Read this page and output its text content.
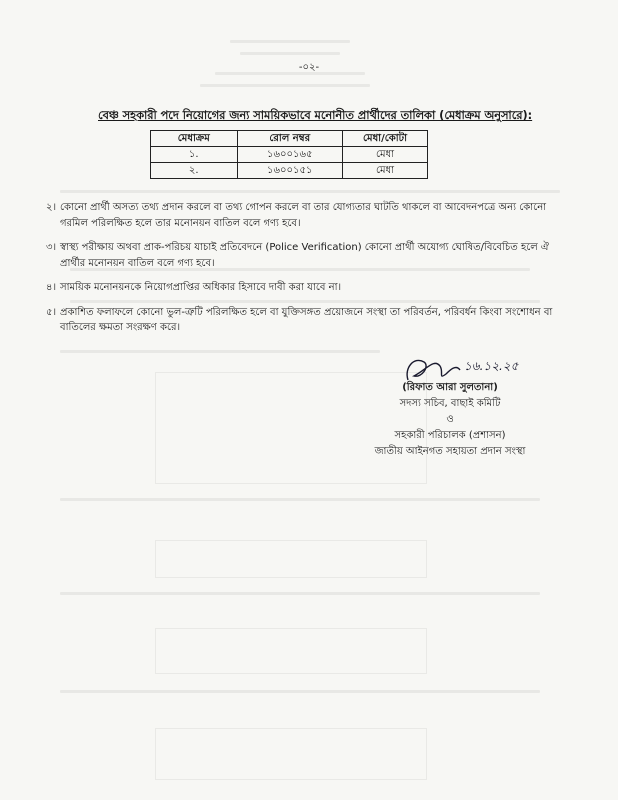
-০২-
বেঞ্চ সহকারী পদে নিয়োগের জন্য সাময়িকভাবে মনোনীত প্রার্থীদের তালিকা (মেধাক্রম অনুসারে):
মেধাক্রম	রোল নম্বর	মেধা/কোটা
১.	১৬০০১৬৫	মেধা
২.	১৬০০১৫১	মেধা
২। কোনো প্রার্থী অসত্য তথ্য প্রদান করলে বা তথ্য গোপন করলে বা তার যোগ্যতার ঘাটতি থাকলে বা আবেদনপত্রে অন্য কোনো গরমিল পরিলক্ষিত হলে তার মনোনয়ন বাতিল বলে গণ্য হবে।
৩। স্বাস্থ্য পরীক্ষায় অথবা প্রাক-পরিচয় যাচাই প্রতিবেদনে (Police Verification) কোনো প্রার্থী অযোগ্য ঘোষিত/বিবেচিত হলে ঐ প্রার্থীর মনোনয়ন বাতিল বলে গণ্য হবে।
৪। সাময়িক মনোনয়নকে নিয়োগপ্রাপ্তির অধিকার হিসাবে দাবী করা যাবে না।
৫। প্রকাশিত ফলাফলে কোনো ভুল-ত্রুটি পরিলক্ষিত হলে বা যুক্তিসঙ্গত প্রয়োজনে সংস্থা তা পরিবর্তন, পরিবর্ধন কিংবা সংশোধন বা বাতিলের ক্ষমতা সংরক্ষণ করে।
১৬.১২.২৫
(রিফাত আরা সুলতানা)
সদস্য সচিব, বাছাই কমিটি
ও
সহকারী পরিচালক (প্রশাসন)
জাতীয় আইনগত সহায়তা প্রদান সংস্থা
